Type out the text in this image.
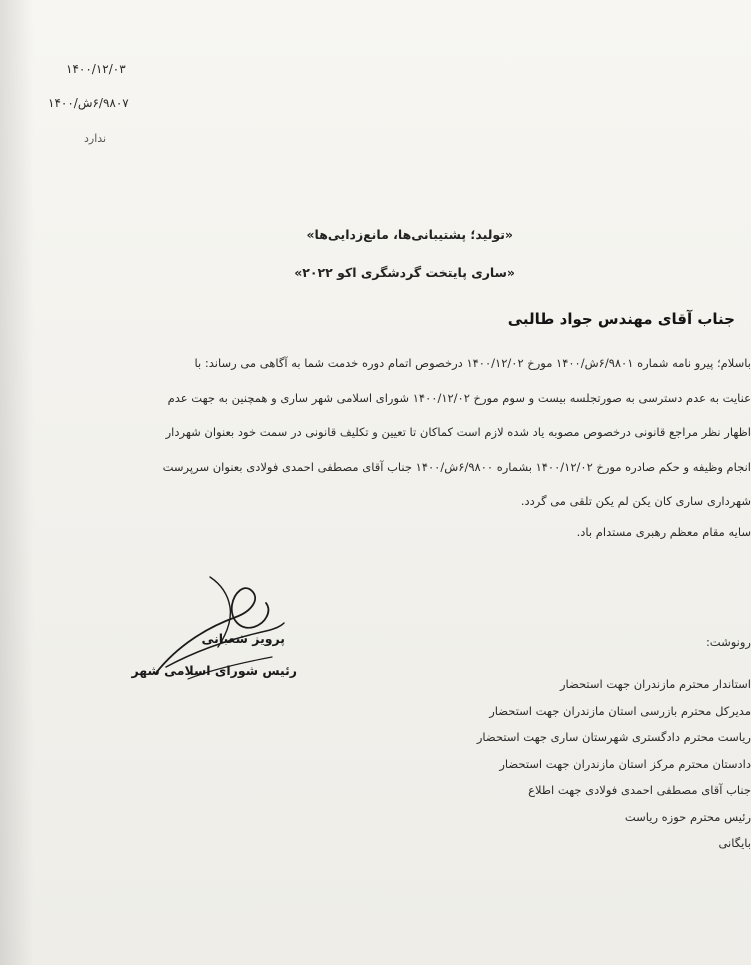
۱۴۰۰/۱۲/۰۳
۶/۹۸۰۷ش/۱۴۰۰
ندارد
«تولید؛ پشتیبانی‌ها، مانع‌زدایی‌ها»
«ساری پایتخت گردشگری اکو ۲۰۲۲»
جناب آقای مهندس جواد طالبی
باسلام؛ پیرو نامه شماره ۶/۹۸۰۱ش/۱۴۰۰ مورخ ۱۴۰۰/۱۲/۰۲ درخصوص اتمام دوره خدمت شما به آگاهی می رساند: با
عنایت به عدم دسترسی به صورتجلسه بیست و سوم مورخ ۱۴۰۰/۱۲/۰۲ شورای اسلامی شهر ساری و همچنین به جهت عدم
اظهار نظر مراجع قانونی درخصوص مصوبه یاد شده لازم است کماکان تا تعیین و تکلیف قانونی در سمت خود بعنوان شهردار
انجام وظیفه و حکم صادره مورخ ۱۴۰۰/۱۲/۰۲ بشماره ۶/۹۸۰۰ش/۱۴۰۰ جناب آقای مصطفی احمدی فولادی بعنوان سرپرست
شهرداری ساری کان یکن لم یکن تلقی می گردد.
سایه مقام معظم رهبری مستدام باد.
پرویز شعبانی
رئیس شورای اسلامی شهر
رونوشت:
استاندار محترم مازندران جهت استحضار
مدیرکل محترم بازرسی استان مازندران جهت استحضار
ریاست محترم دادگستری شهرستان ساری جهت استحضار
دادستان محترم مرکز استان مازندران جهت استحضار
جناب آقای مصطفی احمدی فولادی جهت اطلاع
رئیس محترم حوزه ریاست
بایگانی
